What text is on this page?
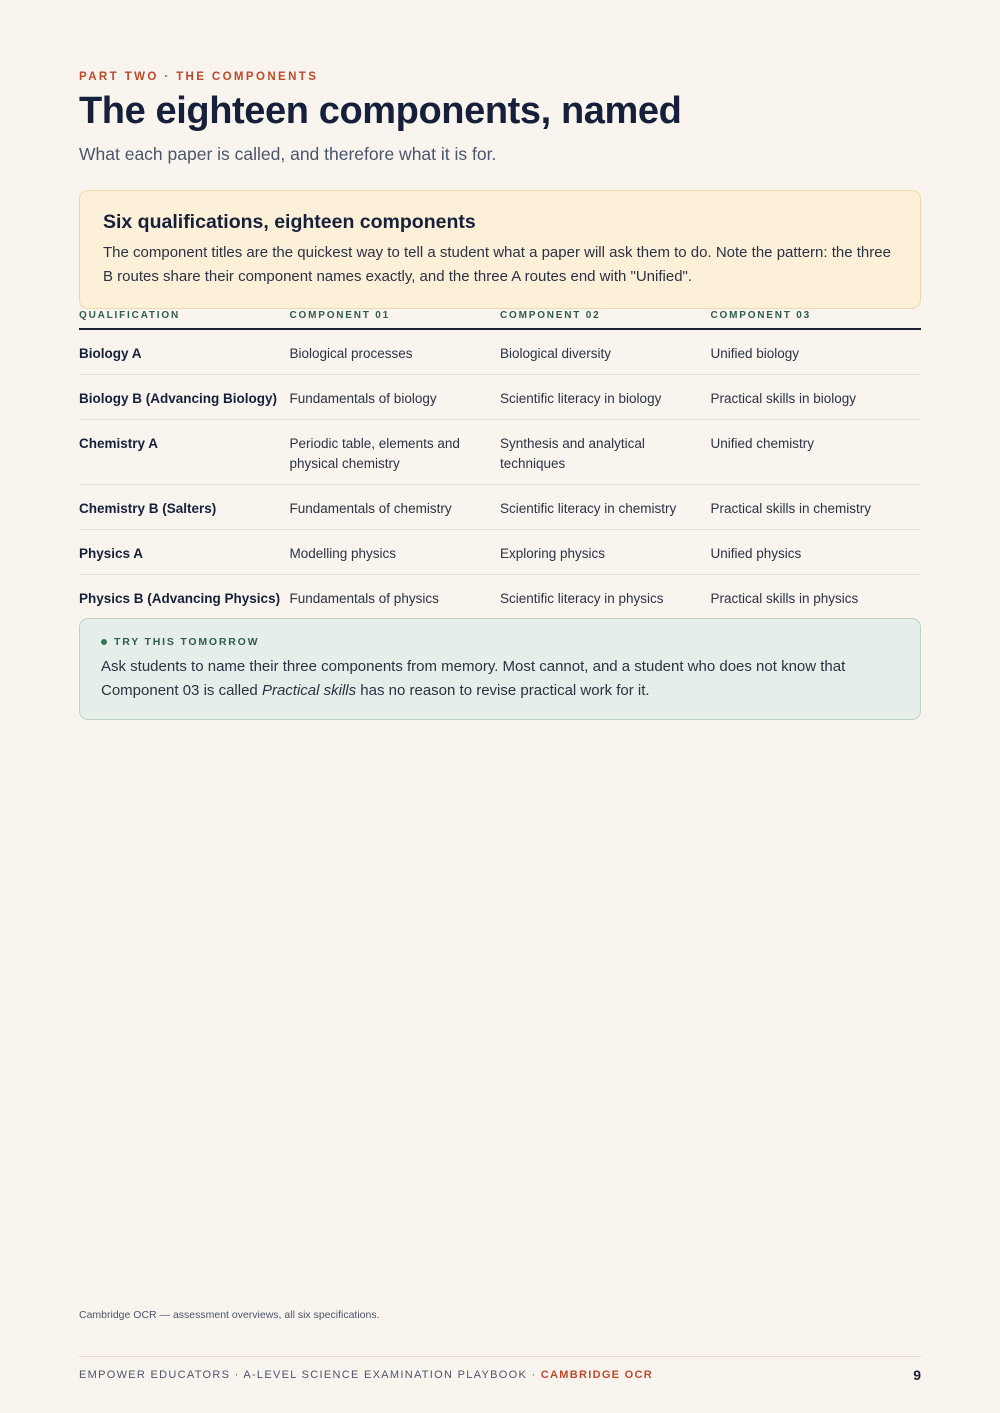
PART TWO · THE COMPONENTS
The eighteen components, named
What each paper is called, and therefore what it is for.
Six qualifications, eighteen components
The component titles are the quickest way to tell a student what a paper will ask them to do. Note the pattern: the three B routes share their component names exactly, and the three A routes end with "Unified".
QUALIFICATION	COMPONENT 01	COMPONENT 02	COMPONENT 03
Biology A	Biological processes	Biological diversity	Unified biology
Biology B (Advancing Biology)	Fundamentals of biology	Scientific literacy in biology	Practical skills in biology
Chemistry A	Periodic table, elements and physical chemistry	Synthesis and analytical techniques	Unified chemistry
Chemistry B (Salters)	Fundamentals of chemistry	Scientific literacy in chemistry	Practical skills in chemistry
Physics A	Modelling physics	Exploring physics	Unified physics
Physics B (Advancing Physics)	Fundamentals of physics	Scientific literacy in physics	Practical skills in physics
TRY THIS TOMORROW
Ask students to name their three components from memory. Most cannot, and a student who does not know that Component 03 is called Practical skills has no reason to revise practical work for it.
Cambridge OCR — assessment overviews, all six specifications.
EMPOWER EDUCATORS · A-LEVEL SCIENCE EXAMINATION PLAYBOOK · CAMBRIDGE OCR	9
